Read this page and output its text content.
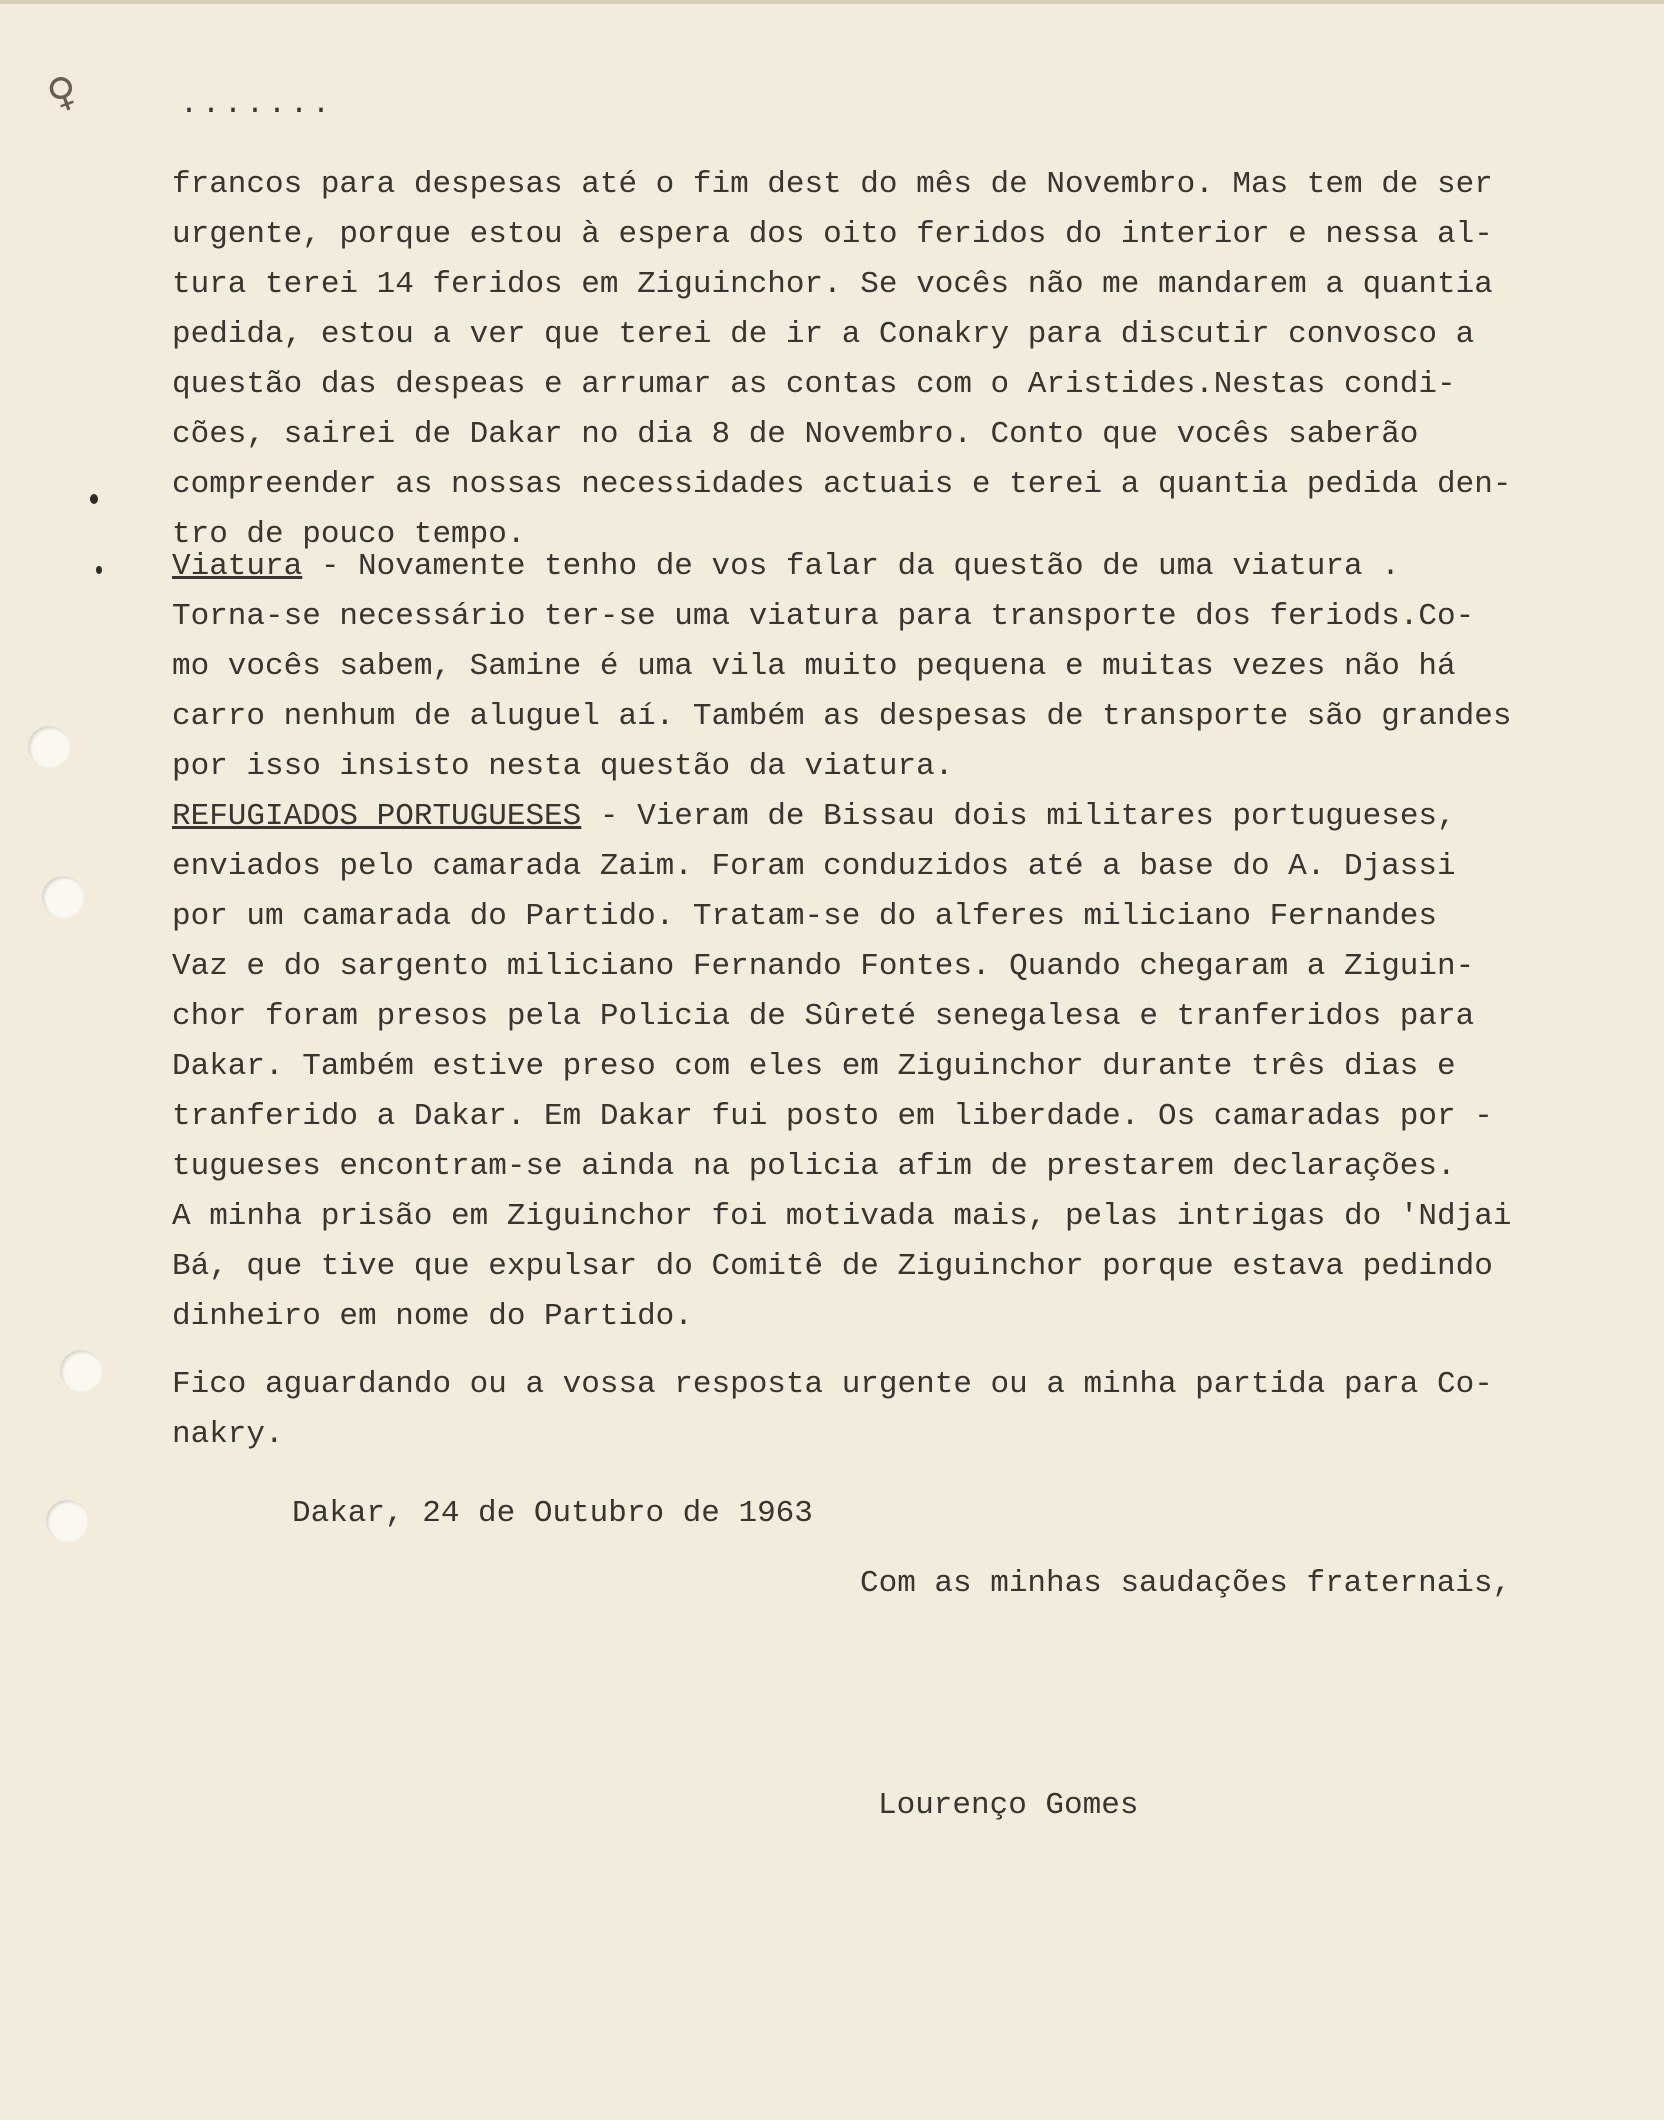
♀	.......
francos para despesas até o fim dest do mês de Novembro. Mas tem de ser
urgente, porque estou à espera dos oito feridos do interior e nessa al-
tura terei 14 feridos em Ziguinchor. Se vocês não me mandarem a quantia
pedida, estou a ver que terei de ir a Conakry para discutir convosco a
questão das despeas e arrumar as contas com o Aristides.Nestas condi-
cões, sairei de Dakar no dia 8 de Novembro. Conto que vocês saberão
compreender as nossas necessidades actuais e terei a quantia pedida den-
tro de pouco tempo.
Viatura - Novamente tenho de vos falar da questão de uma viatura .
Torna-se necessário ter-se uma viatura para transporte dos feriods.Co-
mo vocês sabem, Samine é uma vila muito pequena e muitas vezes não há
carro nenhum de aluguel aí. Também as despesas de transporte são grandes
por isso insisto nesta questão da viatura.
REFUGIADOS PORTUGUESES - Vieram de Bissau dois militares portugueses,
enviados pelo camarada Zaim. Foram conduzidos até a base do A. Djassi
por um camarada do Partido. Tratam-se do alferes miliciano Fernandes
Vaz e do sargento miliciano Fernando Fontes. Quando chegaram a Ziguin-
chor foram presos pela Policia de Sûreté senegalesa e tranferidos para
Dakar. Também estive preso com eles em Ziguinchor durante três dias e
tranferido a Dakar. Em Dakar fui posto em liberdade. Os camaradas por -
tugueses encontram-se ainda na policia afim de prestarem declarações.
A minha prisão em Ziguinchor foi motivada mais, pelas intrigas do 'Ndjai
Bá, que tive que expulsar do Comitê de Ziguinchor porque estava pedindo
dinheiro em nome do Partido.
Fico aguardando ou a vossa resposta urgente ou a minha partida para Co-
nakry.
Dakar, 24 de Outubro de 1963
Com as minhas saudações fraternais,
Lourenço Gomes
